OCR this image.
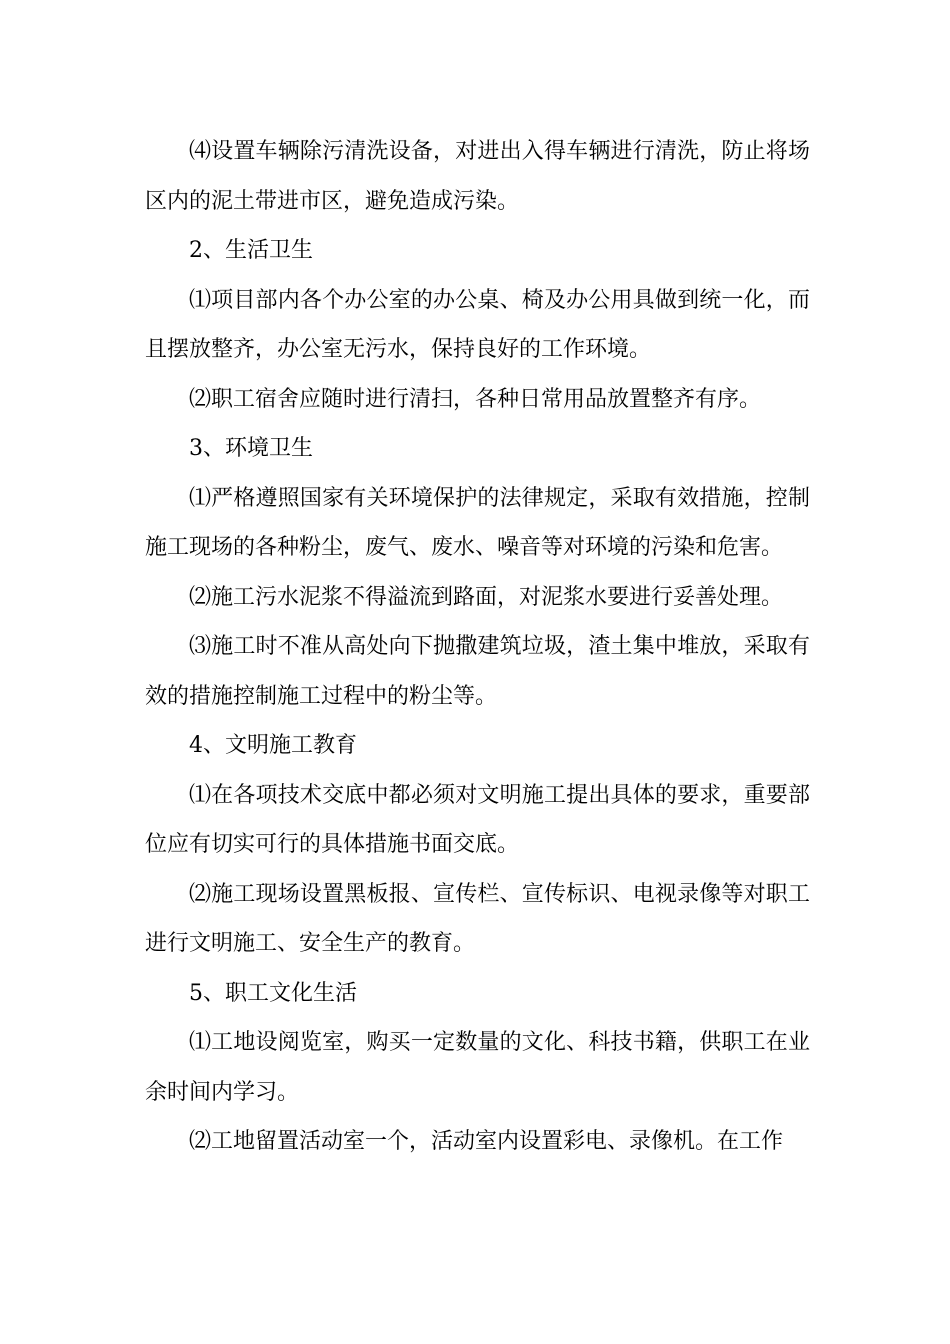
⑷设置车辆除污清洗设备，对进出入得车辆进行清洗，防止将场区内的泥土带进市区，避免造成污染。

2、生活卫生

⑴项目部内各个办公室的办公桌、椅及办公用具做到统一化，而且摆放整齐，办公室无污水，保持良好的工作环境。

⑵职工宿舍应随时进行清扫，各种日常用品放置整齐有序。

3、环境卫生

⑴严格遵照国家有关环境保护的法律规定，采取有效措施，控制施工现场的各种粉尘，废气、废水、噪音等对环境的污染和危害。

⑵施工污水泥浆不得溢流到路面，对泥浆水要进行妥善处理。

⑶施工时不准从高处向下抛撒建筑垃圾，渣土集中堆放，采取有效的措施控制施工过程中的粉尘等。

4、文明施工教育

⑴在各项技术交底中都必须对文明施工提出具体的要求，重要部位应有切实可行的具体措施书面交底。

⑵施工现场设置黑板报、宣传栏、宣传标识、电视录像等对职工进行文明施工、安全生产的教育。

5、职工文化生活

⑴工地设阅览室，购买一定数量的文化、科技书籍，供职工在业余时间内学习。

⑵工地留置活动室一个，活动室内设置彩电、录像机。在工作
